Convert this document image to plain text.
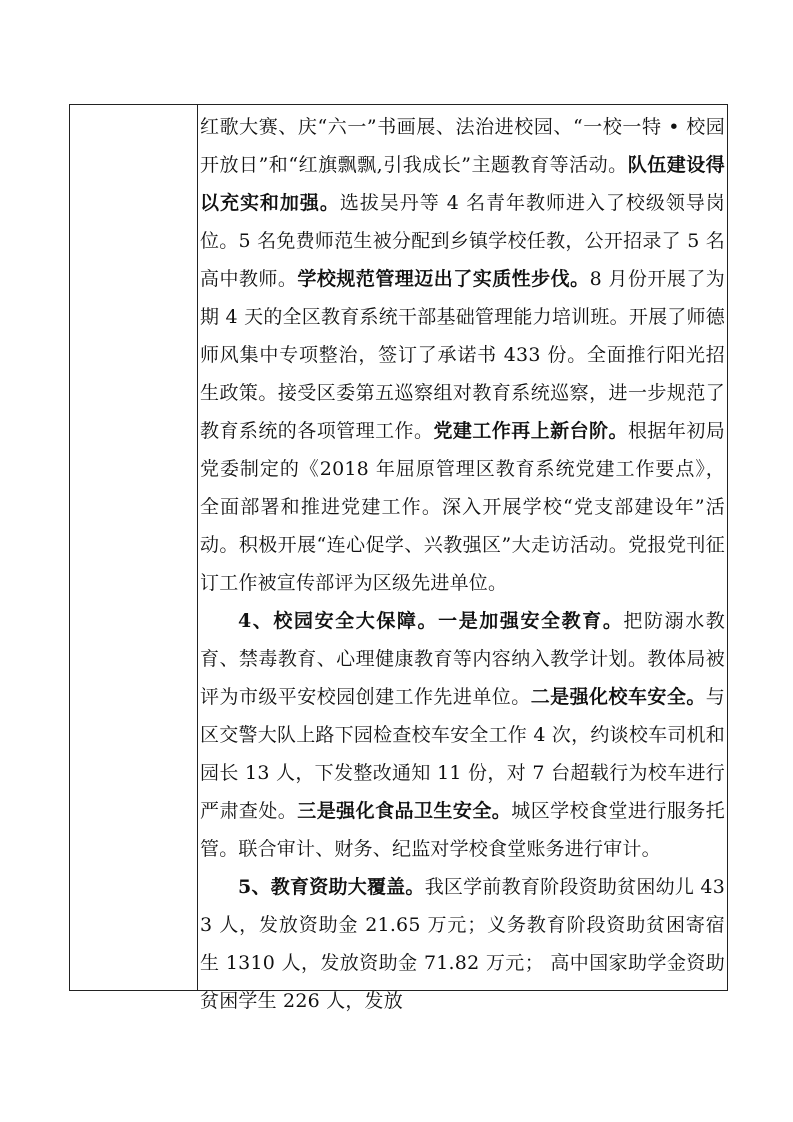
红歌大赛、庆“六一”书画展、法治进校园、“一校一特 • 校园开放日”和“红旗飘飘,引我成长”主题教育等活动。队伍建设得以充实和加强。选拔吴丹等 4 名青年教师进入了校级领导岗位。5 名免费师范生被分配到乡镇学校任教，公开招录了 5 名高中教师。学校规范管理迈出了实质性步伐。8 月份开展了为期 4 天的全区教育系统干部基础管理能力培训班。开展了师德师风集中专项整治，签订了承诺书 433 份。全面推行阳光招生政策。接受区委第五巡察组对教育系统巡察，进一步规范了教育系统的各项管理工作。党建工作再上新台阶。根据年初局党委制定的《2018 年屈原管理区教育系统党建工作要点》，全面部署和推进党建工作。深入开展学校“党支部建设年”活动。积极开展“连心促学、兴教强区”大走访活动。党报党刊征订工作被宣传部评为区级先进单位。

4、校园安全大保障。一是加强安全教育。把防溺水教育、禁毒教育、心理健康教育等内容纳入教学计划。教体局被评为市级平安校园创建工作先进单位。二是强化校车安全。与区交警大队上路下园检查校车安全工作 4 次，约谈校车司机和园长 13 人，下发整改通知 11 份，对 7 台超载行为校车进行严肃查处。三是强化食品卫生安全。城区学校食堂进行服务托管。联合审计、财务、纪监对学校食堂账务进行审计。

5、教育资助大覆盖。我区学前教育阶段资助贫困幼儿 433 人，发放资助金 21.65 万元；义务教育阶段资助贫困寄宿生 1310 人，发放资助金 71.82 万元； 高中国家助学金资助贫困学生 226 人，发放
